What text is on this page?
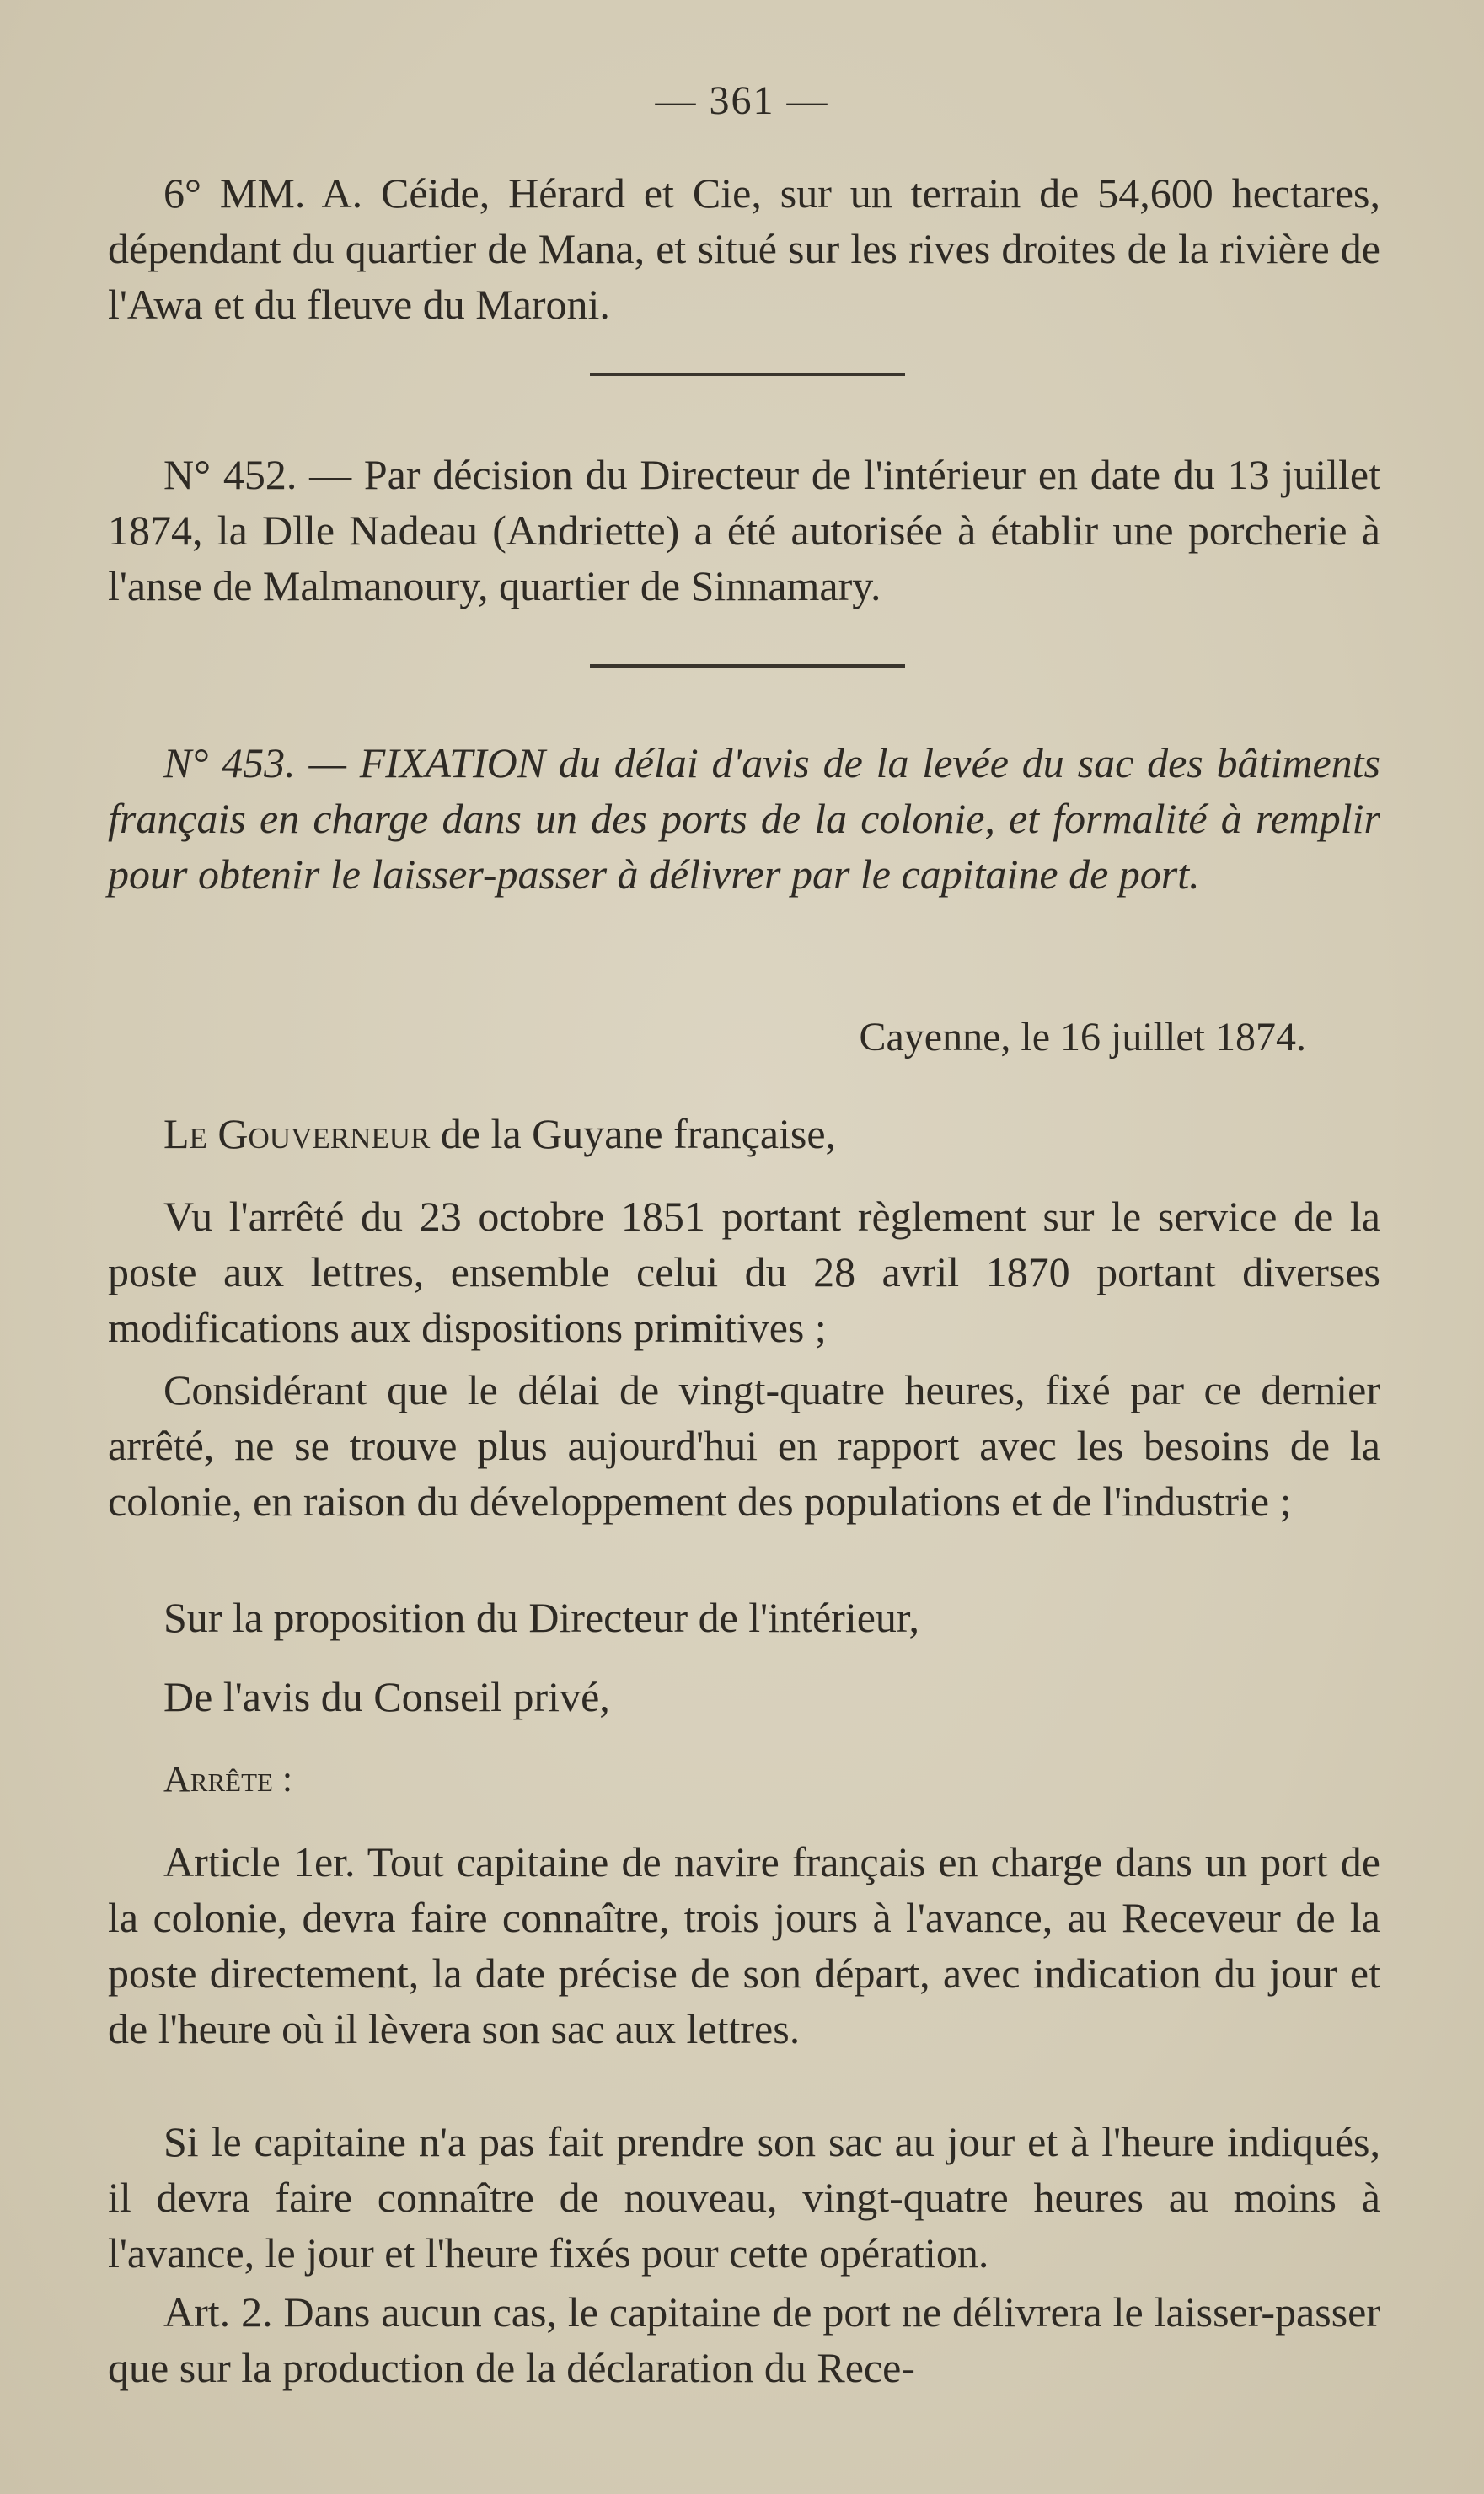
— 361 —

6° MM. A. Céide, Hérard et Cie, sur un terrain de 54,600 hectares, dépendant du quartier de Mana, et situé sur les rives droites de la rivière de l'Awa et du fleuve du Maroni.

N° 452. — Par décision du Directeur de l'intérieur en date du 13 juillet 1874, la Dlle Nadeau (Andriette) a été autorisée à établir une porcherie à l'anse de Malmanoury, quartier de Sinnamary.

N° 453. — FIXATION du délai d'avis de la levée du sac des bâtiments français en charge dans un des ports de la colonie, et formalité à remplir pour obtenir le laisser-passer à délivrer par le capitaine de port.

Cayenne, le 16 juillet 1874.

Le Gouverneur de la Guyane française,

Vu l'arrêté du 23 octobre 1851 portant règlement sur le service de la poste aux lettres, ensemble celui du 28 avril 1870 portant diverses modifications aux dispositions primitives ;

Considérant que le délai de vingt-quatre heures, fixé par ce dernier arrêté, ne se trouve plus aujourd'hui en rapport avec les besoins de la colonie, en raison du développement des populations et de l'industrie ;

Sur la proposition du Directeur de l'intérieur,

De l'avis du Conseil privé,

Arrête :

Article 1er. Tout capitaine de navire français en charge dans un port de la colonie, devra faire connaître, trois jours à l'avance, au Receveur de la poste directement, la date précise de son départ, avec indication du jour et de l'heure où il lèvera son sac aux lettres.

Si le capitaine n'a pas fait prendre son sac au jour et à l'heure indiqués, il devra faire connaître de nouveau, vingt-quatre heures au moins à l'avance, le jour et l'heure fixés pour cette opération.

Art. 2. Dans aucun cas, le capitaine de port ne délivrera le laisser-passer que sur la production de la déclaration du Rece-
